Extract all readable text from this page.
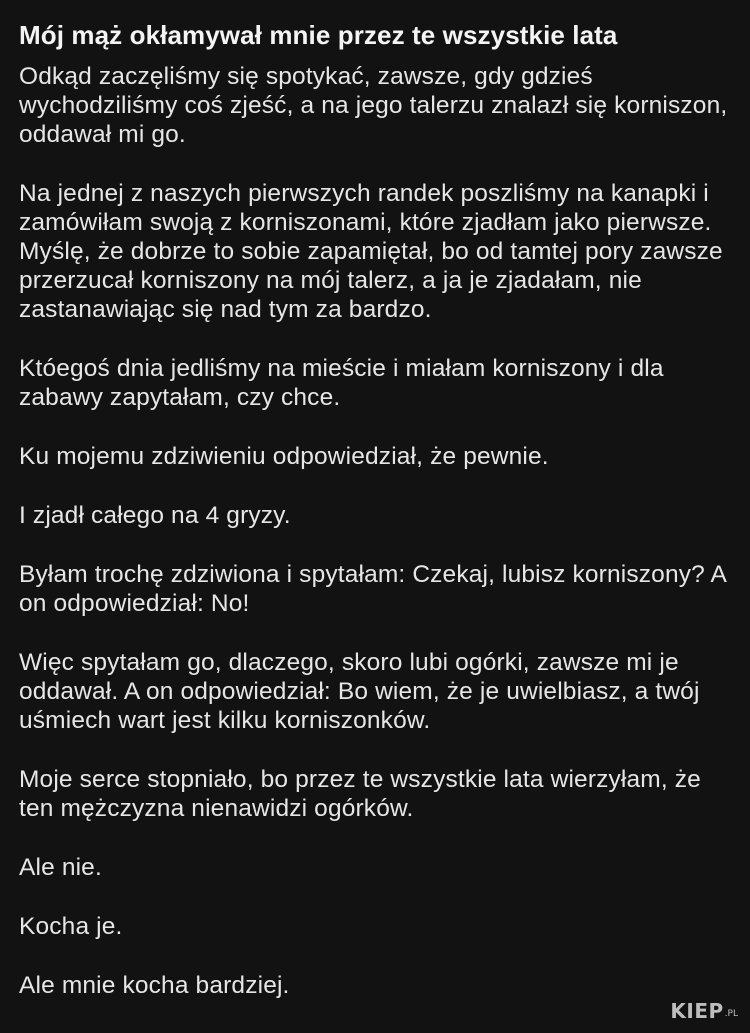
Mój mąż okłamywał mnie przez te wszystkie lata
Odkąd zaczęliśmy się spotykać, zawsze, gdy gdzieś wychodziliśmy coś zjeść, a na jego talerzu znalazł się korniszon, oddawał mi go.
Na jednej z naszych pierwszych randek poszliśmy na kanapki i zamówiłam swoją z korniszonami, które zjadłam jako pierwsze. Myślę, że dobrze to sobie zapamiętał, bo od tamtej pory zawsze przerzucał korniszony na mój talerz, a ja je zjadałam, nie zastanawiając się nad tym za bardzo.
Któegoś dnia jedliśmy na mieście i miałam korniszony i dla zabawy zapytałam, czy chce.
Ku mojemu zdziwieniu odpowiedział, że pewnie.
I zjadł całego na 4 gryzy.
Byłam trochę zdziwiona i spytałam: Czekaj, lubisz korniszony? A on odpowiedział: No!
Więc spytałam go, dlaczego, skoro lubi ogórki, zawsze mi je oddawał. A on odpowiedział: Bo wiem, że je uwielbiasz, a twój uśmiech wart jest kilku korniszonków.
Moje serce stopniało, bo przez te wszystkie lata wierzyłam, że ten mężczyzna nienawidzi ogórków.
Ale nie.
Kocha je.
Ale mnie kocha bardziej.
KIEP .PL
